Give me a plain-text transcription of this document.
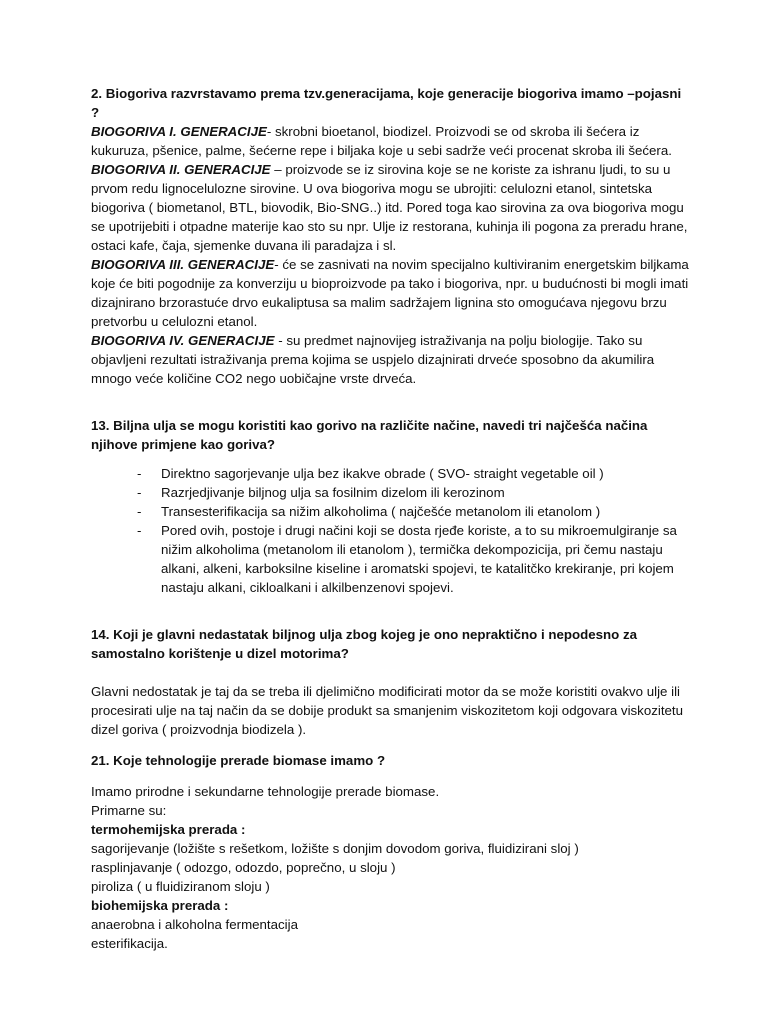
2. Biogoriva razvrstavamo prema tzv.generacijama, koje generacije biogoriva imamo –pojasni ?

BIOGORIVA I. GENERACIJE- skrobni bioetanol, biodizel. Proizvodi se od skroba ili šećera iz kukuruza, pšenice, palme, šećerne repe i biljaka koje u sebi sadrže veći procenat skroba ili šećera.

BIOGORIVA II. GENERACIJE – proizvode se iz sirovina koje se ne koriste za ishranu ljudi, to su u prvom redu lignocelulozne sirovine. U ova biogoriva mogu se ubrojiti: celulozni etanol, sintetska biogoriva ( biometanol, BTL, biovodik, Bio-SNG..) itd. Pored toga kao sirovina za ova biogoriva mogu se upotrijebiti i otpadne materije kao sto su npr. Ulje iz restorana, kuhinja ili pogona za preradu hrane, ostaci kafe, čaja, sjemenke duvana ili paradajza i sl.

BIOGORIVA III. GENERACIJE- će se zasnivati na novim specijalno kultiviranim energetskim biljkama koje će biti pogodnije za konverziju u bioproizvode pa tako i biogoriva, npr. u budućnosti bi mogli imati dizajnirano brzorastuće drvo eukaliptusa sa malim sadržajem lignina sto omogućava njegovu brzu pretvorbu u celulozni etanol.

BIOGORIVA IV. GENERACIJE - su predmet najnovijeg istraživanja na polju biologije. Tako su objavljeni rezultati istraživanja prema kojima se uspjelo dizajnirati drveće sposobno da akumilira mnogo veće količine CO2 nego uobičajne vrste drveća.

13. Biljna ulja se mogu koristiti kao gorivo na različite načine, navedi tri najčešća načina njihove primjene kao goriva?

- Direktno sagorjevanje ulja bez ikakve obrade ( SVO- straight vegetable oil )
- Razrjedjivanje biljnog ulja sa fosilnim dizelom ili kerozinom
- Transesterifikacija sa nižim alkoholima ( najčešće metanolom ili etanolom )
- Pored ovih, postoje i drugi načini koji se dosta rjeđe koriste, a to su mikroemulgiranje sa nižim alkoholima (metanolom ili etanolom ), termička dekompozicija, pri čemu nastaju alkani, alkeni, karboksilne kiseline i aromatski spojevi, te katalitčko krekiranje, pri kojem nastaju alkani, cikloalkani i alkilbenzenovi spojevi.

14. Koji je glavni nedastatak biljnog ulja zbog kojeg je ono nepraktično i nepodesno za samostalno korištenje u dizel motorima?

Glavni nedostatak je taj da se treba ili djelimično modificirati motor da se može koristiti ovakvo ulje ili procesirati ulje na taj način da se dobije produkt sa smanjenim viskozitetom koji odgovara viskozitetu dizel goriva ( proizvodnja biodizela ).

21. Koje tehnologije prerade biomase imamo ?

Imamo prirodne i sekundarne tehnologije prerade biomase.

Primarne su:

termohemijska prerada :

sagorijevanje (ložište s rešetkom, ložište s donjim dovodom goriva, fluidizirani sloj )

rasplinjavanje ( odozgo, odozdo, poprečno, u sloju )

piroliza ( u fluidiziranom sloju )

biohemijska prerada :

anaerobna i alkoholna fermentacija

esterifikacija.
